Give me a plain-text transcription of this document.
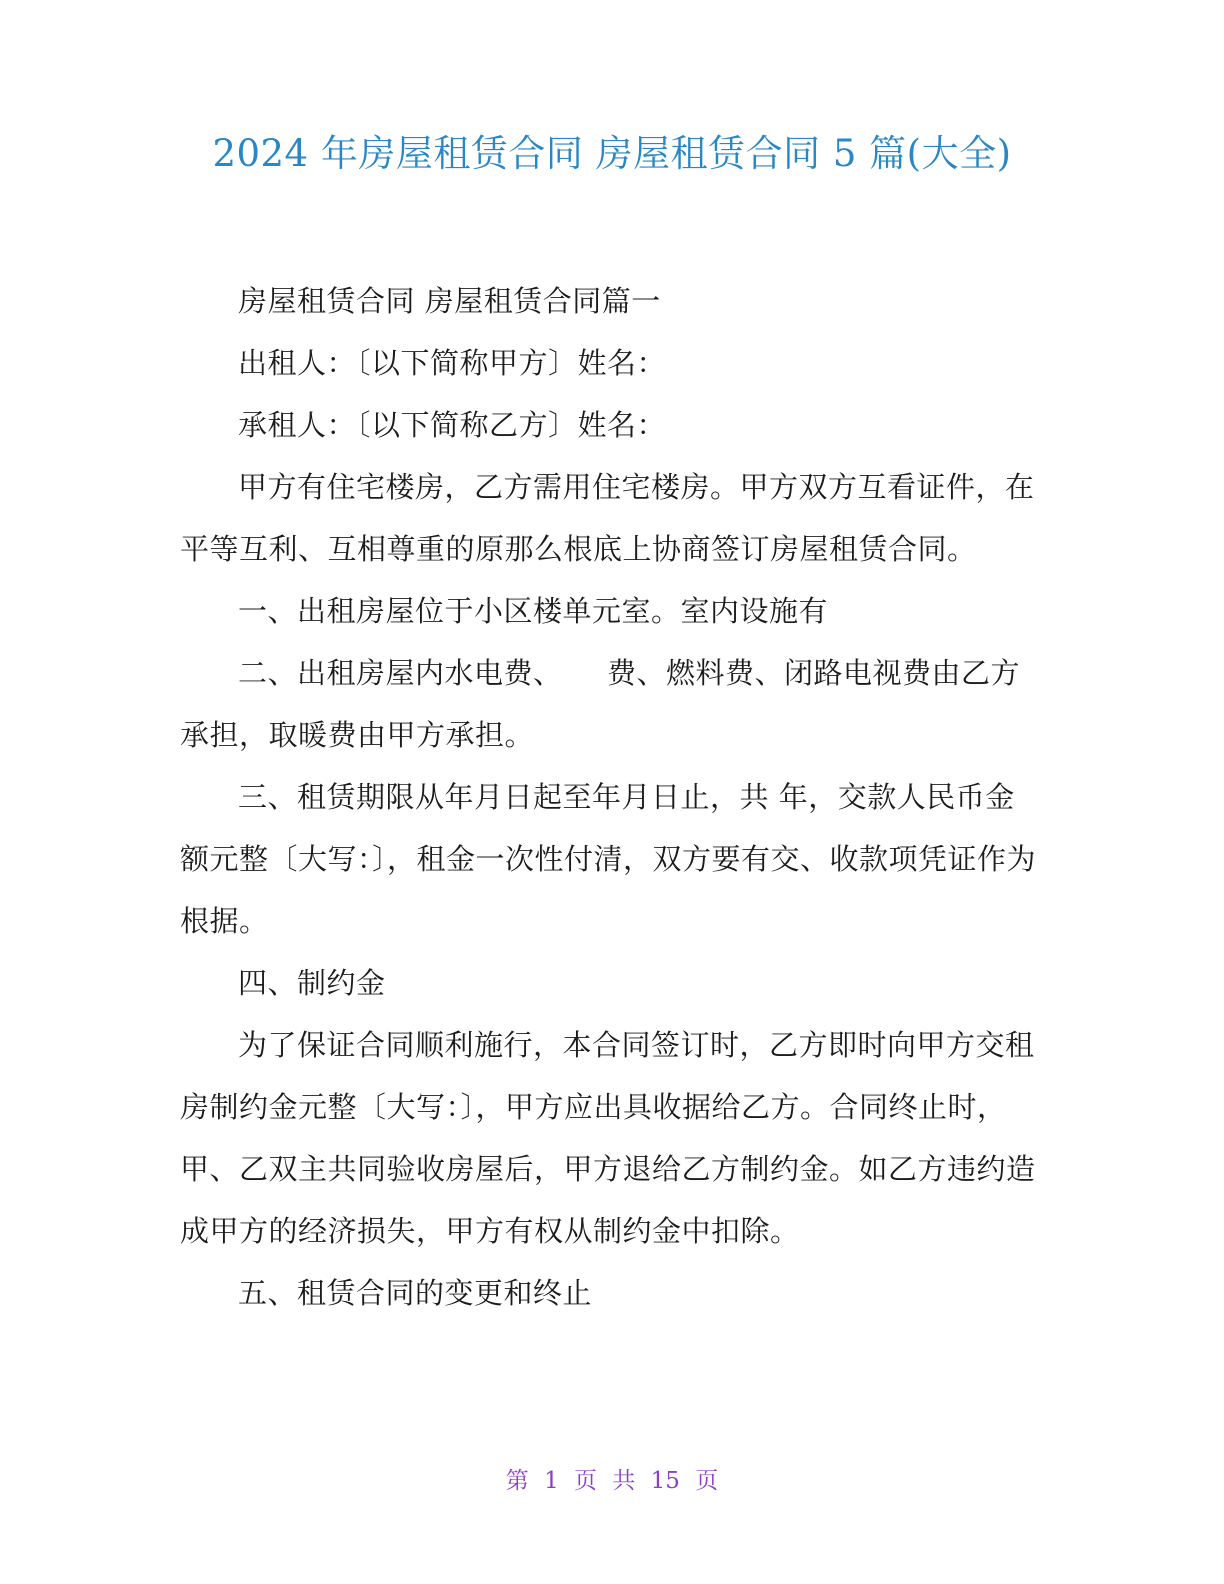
2024 年房屋租赁合同 房屋租赁合同 5 篇(大全)

房屋租赁合同 房屋租赁合同篇一

出租人：〔以下简称甲方〕姓名：

承租人：〔以下简称乙方〕姓名：

甲方有住宅楼房，乙方需用住宅楼房。甲方双方互看证件，在平等互利、互相尊重的原那么根底上协商签订房屋租赁合同。

一、出租房屋位于小区楼单元室。室内设施有

二、出租房屋内水电费、　　费、燃料费、闭路电视费由乙方承担，取暖费由甲方承担。

三、租赁期限从年月日起至年月日止，共 年，交款人民币金额元整〔大写：〕，租金一次性付清，双方要有交、收款项凭证作为根据。

四、制约金

为了保证合同顺利施行，本合同签订时，乙方即时向甲方交租房制约金元整〔大写：〕，甲方应出具收据给乙方。合同终止时，甲、乙双主共同验收房屋后，甲方退给乙方制约金。如乙方违约造成甲方的经济损失，甲方有权从制约金中扣除。

五、租赁合同的变更和终止

第 1 页 共 15 页
